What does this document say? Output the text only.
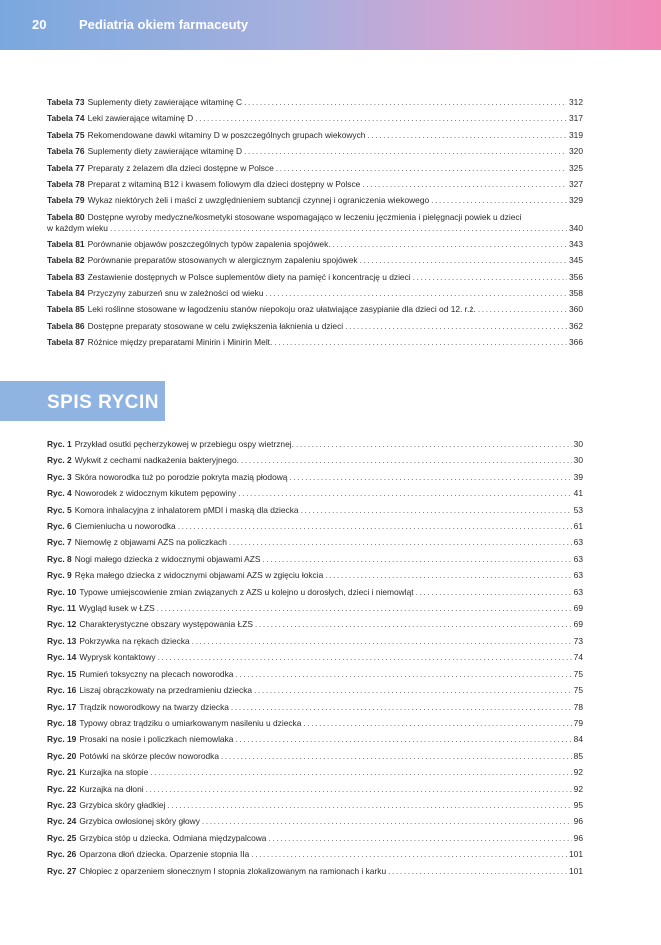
20	Pediatria okiem farmaceuty
Tabela 73 Suplementy diety zawierające witaminę C .....	312
Tabela 74 Leki zawierające witaminę D .....	317
Tabela 75 Rekomendowane dawki witaminy D w poszczególnych grupach wiekowych .....	319
Tabela 76 Suplementy diety zawierające witaminę D .....	320
Tabela 77 Preparaty z żelazem dla dzieci dostępne w Polsce .....	325
Tabela 78 Preparat z witaminą B12 i kwasem foliowym dla dzieci dostępny w Polsce .....	327
Tabela 79 Wykaz niektórych żeli i maści z uwzględnieniem subtancji czynnej i ograniczenia wiekowego .....	329
Tabela 80 Dostępne wyroby medyczne/kosmetyki stosowane wspomagająco w leczeniu jęczmienia i pielęgnacji powiek u dzieci
w każdym wieku .....	340
Tabela 81 Porównanie objawów poszczególnych typów zapalenia spojówek. .....	343
Tabela 82 Porównanie preparatów stosowanych w alergicznym zapaleniu spojówek .....	345
Tabela 83 Zestawienie dostępnych w Polsce suplementów diety na pamięć i koncentrację u dzieci .....	356
Tabela 84 Przyczyny zaburzeń snu w zależności od wieku .....	358
Tabela 85 Leki roślinne stosowane w łagodzeniu stanów niepokoju oraz ułatwiające zasypianie dla dzieci od 12. r.ż. .....	360
Tabela 86 Dostępne preparaty stosowane w celu zwiększenia łaknienia u dzieci .....	362
Tabela 87 Różnice między preparatami Minirin i Minirin Melt. .....	366
SPIS RYCIN
Ryc. 1 Przykład osutki pęcherzykowej w przebiegu ospy wietrznej. .....	30
Ryc. 2 Wykwit z cechami nadkażenia bakteryjnego. .....	30
Ryc. 3 Skóra noworodka tuż po porodzie pokryta mazią płodową .....	39
Ryc. 4 Noworodek z widocznym kikutem pępowiny .....	41
Ryc. 5 Komora inhalacyjna z inhalatorem pMDI i maską dla dziecka .....	53
Ryc. 6 Ciemieniucha u noworodka .....	61
Ryc. 7 Niemowlę z objawami AZS na policzkach .....	63
Ryc. 8 Nogi małego dziecka z widocznymi objawami AZS .....	63
Ryc. 9 Ręka małego dziecka z widocznymi objawami AZS w zgięciu łokcia .....	63
Ryc. 10 Typowe umiejscowienie zmian związanych z AZS u kolejno u dorosłych, dzieci i niemowląt .....	63
Ryc. 11 Wygląd łusek w ŁZS .....	69
Ryc. 12 Charakterystyczne obszary występowania ŁZS .....	69
Ryc. 13 Pokrzywka na rękach dziecka .....	73
Ryc. 14 Wyprysk kontaktowy .....	74
Ryc. 15 Rumień toksyczny na plecach noworodka .....	75
Ryc. 16 Liszaj obrączkowaty na przedramieniu dziecka .....	75
Ryc. 17 Trądzik noworodkowy na twarzy dziecka .....	78
Ryc. 18 Typowy obraz trądziku o umiarkowanym nasileniu u dziecka .....	79
Ryc. 19 Prosaki na nosie i policzkach niemowlaka .....	84
Ryc. 20 Potówki na skórze pleców noworodka .....	85
Ryc. 21 Kurzajka na stopie .....	92
Ryc. 22 Kurzajka na dłoni .....	92
Ryc. 23 Grzybica skóry gładkiej .....	95
Ryc. 24 Grzybica owłosionej skóry głowy .....	96
Ryc. 25 Grzybica stóp u dziecka. Odmiana międzypalcowa .....	96
Ryc. 26 Oparzona dłoń dziecka. Oparzenie stopnia IIa .....	101
Ryc. 27 Chłopiec z oparzeniem słonecznym I stopnia zlokalizowanym na ramionach i karku .....	101
